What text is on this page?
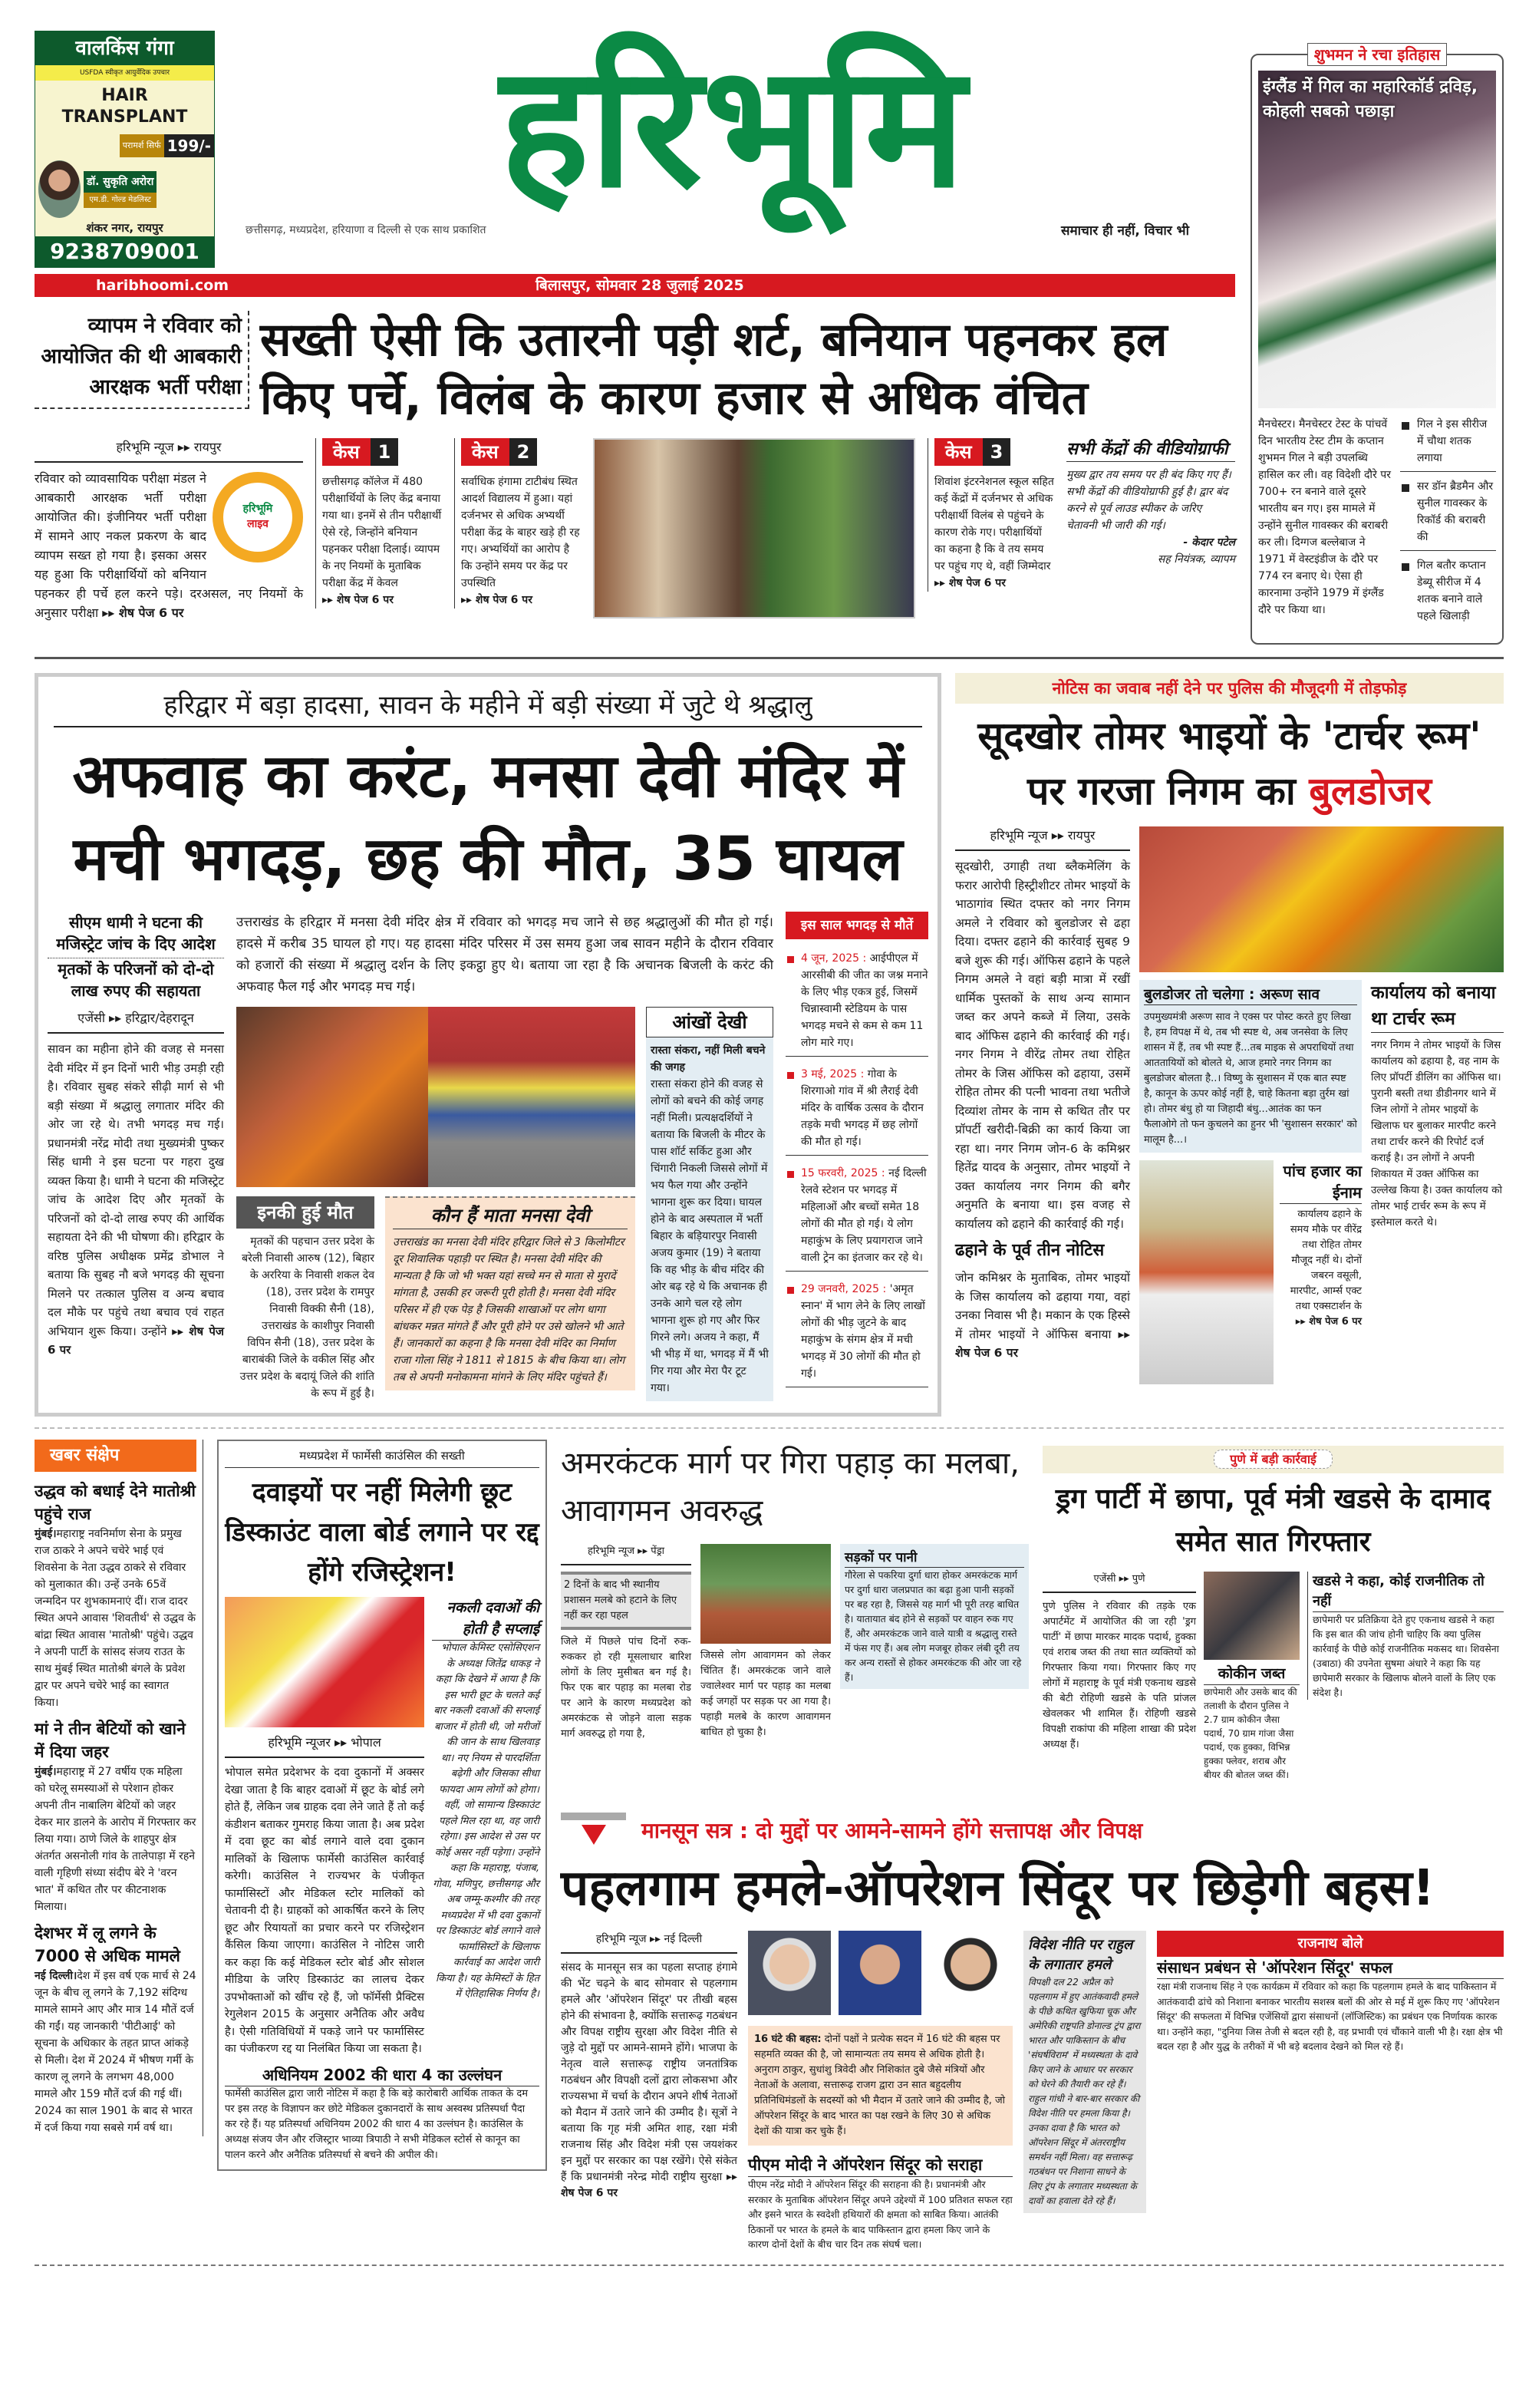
वालकिंस गंगा
USFDA स्वीकृत आयुर्वेदिक उपचार
HAIR TRANSPLANT
परामर्श सिर्फ 199/-
डॉ. सुकृति अरोरा
एम.डी. गोल्ड मेडलिस्ट
शंकर नगर, रायपुर
9238709001
हरिभूमि
छत्तीसगढ़, मध्यप्रदेश, हरियाणा व दिल्ली से एक साथ प्रकाशित	समाचार ही नहीं, विचार भी
haribhoomi.com	बिलासपुर, सोमवार 28 जुलाई 2025
व्यापम ने रविवार को आयोजित की थी आबकारी आरक्षक भर्ती परीक्षा
सख्ती ऐसी कि उतारनी पड़ी शर्ट, बनियान पहनकर हल किए पर्चे, विलंब के कारण हजार से अधिक वंचित
हरिभूमि न्यूज ▸▸ रायपुर
हरिभूमि
लाइव
रविवार को व्यावसायिक परीक्षा मंडल ने आबकारी आरक्षक भर्ती परीक्षा आयोजित की। इंजीनियर भर्ती परीक्षा में सामने आए नकल प्रकरण के बाद व्यापम सख्त हो गया है। इसका असर यह हुआ कि परीक्षार्थियों को बनियान पहनकर ही पर्चे हल करने पड़े। दरअसल, नए नियमों के अनुसार परीक्षा ▸▸ शेष पेज 6 पर
केस	1
छत्तीसगढ़ कॉलेज में 480 परीक्षार्थियों के लिए केंद्र बनाया गया था। इनमें से तीन परीक्षार्थी ऐसे रहे, जिन्होंने बनियान पहनकर परीक्षा दिलाई। व्यापम के नए नियमों के मुताबिक परीक्षा केंद्र में केवल
▸▸ शेष पेज 6 पर
केस	2
सर्वाधिक हंगामा टाटीबंध स्थित आदर्श विद्यालय में हुआ। यहां दर्जनभर से अधिक अभ्यर्थी परीक्षा केंद्र के बाहर खड़े ही रह गए। अभ्यर्थियों का आरोप है कि उन्होंने समय पर केंद्र पर उपस्थिति
▸▸ शेष पेज 6 पर
केस	3
शिवांश इंटरनेशनल स्कूल सहित कई केंद्रों में दर्जनभर से अधिक परीक्षार्थी विलंब से पहुंचने के कारण रोके गए। परीक्षार्थियों का कहना है कि वे तय समय पर पहुंच गए थे, वहीं जिम्मेदार
▸▸ शेष पेज 6 पर
सभी केंद्रों की वीडियोग्राफी
मुख्य द्वार तय समय पर ही बंद किए गए हैं। सभी केंद्रों की वीडियोग्राफी हुई है। द्वार बंद करने से पूर्व लाउड स्पीकर के जरिए चेतावनी भी जारी की गई।
- केदार पटेल
सह नियंत्रक, व्यापम
शुभमन ने रचा इतिहास
इंग्लैंड में गिल का महारिकॉर्ड द्रविड़, कोहली सबको पछाड़ा
मैनचेस्टर। मैनचेस्टर टेस्ट के पांचवें दिन भारतीय टेस्ट टीम के कप्तान शुभमन गिल ने बड़ी उपलब्धि हासिल कर ली। वह विदेशी दौरे पर 700+ रन बनाने वाले दूसरे भारतीय बन गए। इस मामले में उन्होंने सुनील गावस्कर की बराबरी कर ली। दिग्गज बल्लेबाज ने 1971 में वेस्टइंडीज के दौरे पर 774 रन बनाए थे। ऐसा ही कारनामा उन्होंने 1979 में इंग्लैंड दौरे पर किया था।
गिल ने इस सीरीज में चौथा शतक लगाया
सर डॉन ब्रैडमैन और सुनील गावस्कर के रिकॉर्ड की बराबरी की
गिल बतौर कप्तान डेब्यू सीरीज में 4 शतक बनाने वाले पहले खिलाड़ी
हरिद्वार में बड़ा हादसा, सावन के महीने में बड़ी संख्या में जुटे थे श्रद्धालु
अफवाह का करंट, मनसा देवी मंदिर में
मची भगदड़, छह की मौत, 35 घायल
सीएम धामी ने घटना की मजिस्ट्रेट जांच के दिए आदेश
मृतकों के परिजनों को दो-दो लाख रुपए की सहायता
एजेंसी ▸▸ हरिद्वार/देहरादून
सावन का महीना होने की वजह से मनसा देवी मंदिर में इन दिनों भारी भीड़ उमड़ी रही है। रविवार सुबह संकरे सीढ़ी मार्ग से भी बड़ी संख्या में श्रद्धालु लगातार मंदिर की ओर जा रहे थे। तभी भगदड़ मच गई। प्रधानमंत्री नरेंद्र मोदी तथा मुख्यमंत्री पुष्कर सिंह धामी ने इस घटना पर गहरा दुख व्यक्त किया है। धामी ने घटना की मजिस्ट्रेट जांच के आदेश दिए और मृतकों के परिजनों को दो-दो लाख रुपए की आर्थिक सहायता देने की भी घोषणा की। हरिद्वार के वरिष्ठ पुलिस अधीक्षक प्रमेंद्र डोभाल ने बताया कि सुबह नौ बजे भगदड़ की सूचना मिलने पर तत्काल पुलिस व अन्य बचाव दल मौके पर पहुंचे तथा बचाव एवं राहत अभियान शुरू किया। उन्होंने ▸▸ शेष पेज 6 पर
उत्तराखंड के हरिद्वार में मनसा देवी मंदिर क्षेत्र में रविवार को भगदड़ मच जाने से छह श्रद्धालुओं की मौत हो गई। हादसे में करीब 35 घायल हो गए। यह हादसा मंदिर परिसर में उस समय हुआ जब सावन महीने के दौरान रविवार को हजारों की संख्या में श्रद्धालु दर्शन के लिए इकट्ठा हुए थे। बताया जा रहा है कि अचानक बिजली के करंट की अफवाह फैल गई और भगदड़ मच गई।
इनकी हुई मौत
मृतकों की पहचान उत्तर प्रदेश के बरेली निवासी आरुष (12), बिहार के अररिया के निवासी शकल देव (18), उत्तर प्रदेश के रामपुर निवासी विक्की सैनी (18), उत्तराखंड के काशीपुर निवासी विपिन सैनी (18), उत्तर प्रदेश के बाराबंकी जिले के वकील सिंह और उत्तर प्रदेश के बदायूं जिले की शांति के रूप में हुई है।
कौन हैं माता मनसा देवी
उत्तराखंड का मनसा देवी मंदिर हरिद्वार जिले से 3 किलोमीटर दूर शिवालिक पहाड़ी पर स्थित है। मनसा देवी मंदिर की मान्यता है कि जो भी भक्त यहां सच्चे मन से माता से मुरादें मांगता है, उसकी हर जरूरी पूरी होती है। मनसा देवी मंदिर परिसर में ही एक पेड़ है जिसकी शाखाओं पर लोग धागा बांधकर मन्नत मांगते हैं और पूरी होने पर उसे खोलने भी आते हैं। जानकारों का कहना है कि मनसा देवी मंदिर का निर्माण राजा गोला सिंह ने 1811 से 1815 के बीच किया था। लोग तब से अपनी मनोकामना मांगने के लिए मंदिर पहुंचते हैं।
आंखों देखी
रास्ता संकरा, नहीं मिली बचने की जगह
रास्ता संकरा होने की वजह से लोगों को बचने की कोई जगह नहीं मिली। प्रत्यक्षदर्शियों ने बताया कि बिजली के मीटर के पास शॉर्ट सर्किट हुआ और चिंगारी निकली जिससे लोगों में भय फैल गया और उन्होंने भागना शुरू कर दिया। घायल होने के बाद अस्पताल में भर्ती बिहार के बड़ियारपुर निवासी अजय कुमार (19) ने बताया कि वह भीड़ के बीच मंदिर की ओर बढ़ रहे थे कि अचानक ही उनके आगे चल रहे लोग भागना शुरू हो गए और फिर गिरने लगे। अजय ने कहा, मैं भी भीड़ में था, भगदड़ में मैं भी गिर गया और मेरा पैर टूट गया।
इस साल भगदड़ से मौतें
4 जून, 2025 : आईपीएल में आरसीबी की जीत का जश्न मनाने के लिए भीड़ एकत्र हुई, जिसमें चिन्नास्वामी स्टेडियम के पास भगदड़ मचने से कम से कम 11 लोग मारे गए।
3 मई, 2025 : गोवा के शिरगाओ गांव में श्री लैराई देवी मंदिर के वार्षिक उत्सव के दौरान तड़के मची भगदड़ में छह लोगों की मौत हो गई।
15 फरवरी, 2025 : नई दिल्ली रेलवे स्टेशन पर भगदड़ में महिलाओं और बच्चों समेत 18 लोगों की मौत हो गई। ये लोग महाकुंभ के लिए प्रयागराज जाने वाली ट्रेन का इंतजार कर रहे थे।
29 जनवरी, 2025 : 'अमृत स्नान' में भाग लेने के लिए लाखों लोगों की भीड़ जुटने के बाद महाकुंभ के संगम क्षेत्र में मची भगदड़ में 30 लोगों की मौत हो गई।
नोटिस का जवाब नहीं देने पर पुलिस की मौजूदगी में तोड़फोड़
सूदखोर तोमर भाइयों के 'टार्चर रूम' पर गरजा निगम का बुलडोजर
हरिभूमि न्यूज ▸▸ रायपुर
सूदखोरी, उगाही तथा ब्लैकमेलिंग के फरार आरोपी हिस्ट्रीशीटर तोमर भाइयों के भाठागांव स्थित दफ्तर को नगर निगम अमले ने रविवार को बुलडोजर से ढहा दिया। दफ्तर ढहाने की कार्रवाई सुबह 9 बजे शुरू की गई। ऑफिस ढहाने के पहले निगम अमले ने वहां बड़ी मात्रा में रखीं धार्मिक पुस्तकों के साथ अन्य सामान जब्त कर अपने कब्जे में लिया, उसके बाद ऑफिस ढहाने की कार्रवाई की गई। नगर निगम ने वीरेंद्र तोमर तथा रोहित तोमर के जिस ऑफिस को ढहाया, उसमें रोहित तोमर की पत्नी भावना तथा भतीजे दिव्यांश तोमर के नाम से कथित तौर पर प्रॉपर्टी खरीदी-बिक्री का कार्य किया जा रहा था। नगर निगम जोन-6 के कमिश्नर हितेंद्र यादव के अनुसार, तोमर भाइयों ने उक्त कार्यालय नगर निगम की बगैर अनुमति के बनाया था। इस वजह से कार्यालय को ढहाने की कार्रवाई की गई।
ढहाने के पूर्व तीन नोटिस
जोन कमिश्नर के मुताबिक, तोमर भाइयों के जिस कार्यालय को ढहाया गया, वहां उनका निवास भी है। मकान के एक हिस्से में तोमर भाइयों ने ऑफिस बनाया ▸▸ शेष पेज 6 पर
बुलडोजर तो चलेगा : अरूण साव
उपमुख्यमंत्री अरूण साव ने एक्स पर पोस्ट करते हुए लिखा है, हम विपक्ष में थे, तब भी स्पष्ट थे, अब जनसेवा के लिए शासन में हैं, तब भी स्पष्ट हैं...तब माइक से अपराधियों तथा आततायियों को बोलते थे, आज हमारे नगर निगम का बुलडोजर बोलता है..। विष्णु के सुशासन में एक बात स्पष्ट है, कानून के ऊपर कोई नहीं है, चाहे कितना बड़ा तुर्रम खां हो। तोमर बंधु हो या जिहादी बंधु...आतंक का फन फैलाओगे तो फन कुचलने का हुनर भी 'सुशासन सरकार' को मालूम है...।
पांच हजार का ईनाम
कार्यालय ढहाने के समय मौके पर वीरेंद्र तथा रोहित तोमर मौजूद नहीं थे। दोनों जबरन वसूली, मारपीट, आर्म्स एक्ट तथा एक्सटार्शन के
▸▸ शेष पेज 6 पर
कार्यालय को बनाया था टार्चर रूम
नगर निगम ने तोमर भाइयों के जिस कार्यालय को ढहाया है, वह नाम के लिए प्रॉपर्टी डीलिंग का ऑफिस था। पुरानी बस्ती तथा डीडीनगर थाने में जिन लोगों ने तोमर भाइयों के खिलाफ घर बुलाकर मारपीट करने तथा टार्चर करने की रिपोर्ट दर्ज कराई है। उन लोगों ने अपनी शिकायत में उक्त ऑफिस का उल्लेख किया है। उक्त कार्यालय को तोमर भाई टार्चर रूम के रूप में इस्तेमाल करते थे।
खबर संक्षेप
उद्धव को बधाई देने मातोश्री पहुंचे राज
मुंबई।महाराष्ट्र नवनिर्माण सेना के प्रमुख राज ठाकरे ने अपने चचेरे भाई एवं शिवसेना के नेता उद्धव ठाकरे से रविवार को मुलाकात की। उन्हें उनके 65वें जन्मदिन पर शुभकामनाएं दीं। राज दादर स्थित अपने आवास 'शिवतीर्थ' से उद्धव के बांद्रा स्थित आवास 'मातोश्री' पहुंचे। उद्धव ने अपनी पार्टी के सांसद संजय राउत के साथ मुंबई स्थित मातोश्री बंगले के प्रवेश द्वार पर अपने चचेरे भाई का स्वागत किया।
मां ने तीन बेटियों को खाने में दिया जहर
मुंबई।महाराष्ट्र में 27 वर्षीय एक महिला को घरेलू समस्याओं से परेशान होकर अपनी तीन नाबालिग बेटियों को जहर देकर मार डालने के आरोप में गिरफ्तार कर लिया गया। ठाणे जिले के शाहपुर क्षेत्र अंतर्गत असनोली गांव के तालेपाड़ा में रहने वाली गृहिणी संध्या संदीप बेरे ने 'वरन भात' में कथित तौर पर कीटनाशक मिलाया।
देशभर में लू लगने के 7000 से अधिक मामले
नई दिल्ली।देश में इस वर्ष एक मार्च से 24 जून के बीच लू लगने के 7,192 संदिग्ध मामले सामने आए और मात्र 14 मौतें दर्ज की गईं। यह जानकारी 'पीटीआई' को सूचना के अधिकार के तहत प्राप्त आंकड़े से मिली। देश में 2024 में भीषण गर्मी के कारण लू लगने के लगभग 48,000 मामले और 159 मौतें दर्ज की गई थीं। 2024 का साल 1901 के बाद से भारत में दर्ज किया गया सबसे गर्म वर्ष था।
मध्यप्रदेश में फार्मेसी काउंसिल की सख्ती
दवाइयों पर नहीं मिलेगी छूट डिस्काउंट वाला बोर्ड लगाने पर रद्द होंगे रजिस्ट्रेशन!
हरिभूमि न्यूजर ▸▸ भोपाल
भोपाल समेत प्रदेशभर के दवा दुकानों में अक्सर देखा जाता है कि बाहर दवाओं में छूट के बोर्ड लगे होते हैं, लेकिन जब ग्राहक दवा लेने जाते हैं तो कई कंडीशन बताकर गुमराह किया जाता है। अब प्रदेश में दवा छूट का बोर्ड लगाने वाले दवा दुकान मालिकों के खिलाफ फार्मेसी काउंसिल कार्रवाई करेगी। काउंसिल ने राज्यभर के पंजीकृत फार्मासिस्टों और मेडिकल स्टोर मालिकों को चेतावनी दी है। ग्राहकों को आकर्षित करने के लिए छूट और रियायतों का प्रचार करने पर रजिस्ट्रेशन कैंसिल किया जाएगा। काउंसिल ने नोटिस जारी कर कहा कि कई मेडिकल स्टोर बोर्ड और सोशल मीडिया के जरिए डिस्काउंट का लालच देकर उपभोक्ताओं को खींच रहे हैं, जो फॉर्मेसी प्रैक्टिस रेगुलेशन 2015 के अनुसार अनैतिक और अवैध है। ऐसी गतिविधियों में पकड़े जाने पर फार्मासिस्ट का पंजीकरण रद्द या निलंबित किया जा सकता है।
नकली दवाओं की होती है सप्लाई
भोपाल केमिस्ट एसोसिएशन के अध्यक्ष जितेंद्र धाकड़ ने कहा कि देखने में आया है कि इस भारी छूट के चलते कई बार नकली दवाओं की सप्लाई बाजार में होती थी, जो मरीजों की जान के साथ खिलवाड़ था। नए नियम से पारदर्शिता बढ़ेगी और जिसका सीधा फायदा आम लोगों को होगा। वहीं, जो सामान्य डिस्काउंट पहले मिल रहा था, वह जारी रहेगा। इस आदेश से उस पर कोई असर नहीं पड़ेगा। उन्होंने कहा कि महाराष्ट्र, पंजाब, गोवा, मणिपुर, छत्तीसगढ़ और अब जम्मू-कश्मीर की तरह मध्यप्रदेश में भी दवा दुकानों पर डिस्काउंट बोर्ड लगाने वाले फार्मासिस्टों के खिलाफ कार्रवाई का आदेश जारी किया है। यह केमिस्टों के हित में ऐतिहासिक निर्णय है।
अधिनियम 2002 की धारा 4 का उल्लंघन
फार्मेसी काउंसिल द्वारा जारी नोटिस में कहा है कि बड़े कारोबारी आर्थिक ताकत के दम पर इस तरह के विज्ञापन कर छोटे मेडिकल दुकानदारों के साथ अस्वस्थ प्रतिस्पर्धा पैदा कर रहे हैं। यह प्रतिस्पर्धा अधिनियम 2002 की धारा 4 का उल्लंघन है। काउंसिल के अध्यक्ष संजय जैन और रजिस्ट्रार भाव्या त्रिपाठी ने सभी मेडिकल स्टोर्स से कानून का पालन करने और अनैतिक प्रतिस्पर्धा से बचने की अपील की।
अमरकंटक मार्ग पर गिरा पहाड़ का मलबा, आवागमन अवरुद्ध
हरिभूमि न्यूज ▸▸ पेंड्रा
2 दिनों के बाद भी स्थानीय प्रशासन मलबे को हटाने के लिए नहीं कर रहा पहल
जिले में पिछले पांच दिनों रुक-रुककर हो रही मूसलाधार बारिश लोगों के लिए मुसीबत बन गई है। फिर एक बार पहाड़ का मलबा रोड पर आने के कारण मध्यप्रदेश को अमरकंटक से जोड़ने वाला सड़क मार्ग अवरुद्ध हो गया है,
जिससे लोग आवागमन को लेकर चिंतित हैं। अमरकंटक जाने वाले ज्वालेश्वर मार्ग पर पहाड़ का मलबा कई जगहों पर सड़क पर आ गया है। पहाड़ी मलबे के कारण आवागमन बाधित हो चुका है।
सड़कों पर पानी
गौरेला से पकरिया दुर्गा धारा होकर अमरकंटक मार्ग पर दुर्गा धारा जलप्रपात का बढ़ा हुआ पानी सड़कों पर बह रहा है, जिससे यह मार्ग भी पूरी तरह बाधित है। यातायात बंद होने से सड़कों पर वाहन रुक गए हैं, और अमरकंटक जाने वाले यात्री व श्रद्धालु रास्ते में फंस गए हैं। अब लोग मजबूर होकर लंबी दूरी तय कर अन्य रास्तों से होकर अमरकंटक की ओर जा रहे हैं।
पुणे में बड़ी कार्रवाई
ड्रग पार्टी में छापा, पूर्व मंत्री खडसे के दामाद समेत सात गिरफ्तार
एजेंसी ▸▸ पुणे
पुणे पुलिस ने रविवार की तड़के एक अपार्टमेंट में आयोजित की जा रही 'ड्रग पार्टी' में छापा मारकर मादक पदार्थ, हुक्का एवं शराब जब्त की तथा सात व्यक्तियों को गिरफ्तार किया गया। गिरफ्तार किए गए लोगों में महाराष्ट्र के पूर्व मंत्री एकनाथ खडसे की बेटी रोहिणी खडसे के पति प्रांजल खेवलकर भी शामिल हैं। रोहिणी खडसे विपक्षी राकांपा की महिला शाखा की प्रदेश अध्यक्ष हैं।
कोकीन जब्त
छापेमारी और उसके बाद की तलाशी के दौरान पुलिस ने 2.7 ग्राम कोकीन जैसा पदार्थ, 70 ग्राम गांजा जैसा पदार्थ, एक हुक्का, विभिन्न हुक्का फ्लेवर, शराब और बीयर की बोतल जब्त कीं।
खडसे ने कहा, कोई राजनीतिक तो नहीं
छापेमारी पर प्रतिक्रिया देते हुए एकनाथ खडसे ने कहा कि इस बात की जांच होनी चाहिए कि क्या पुलिस कार्रवाई के पीछे कोई राजनीतिक मकसद था। शिवसेना (उबाठा) की उपनेता सुषमा अंधारे ने कहा कि यह छापेमारी सरकार के खिलाफ बोलने वालों के लिए एक संदेश है।
मानसून सत्र : दो मुद्दों पर आमने-सामने होंगे सत्तापक्ष और विपक्ष
पहलगाम हमले-ऑपरेशन सिंदूर पर छिड़ेगी बहस!
हरिभूमि न्यूज ▸▸ नई दिल्ली
संसद के मानसून सत्र का पहला सप्ताह हंगामे की भेंट चढ़ने के बाद सोमवार से पहलगाम हमले और 'ऑपरेशन सिंदूर' पर तीखी बहस होने की संभावना है, क्योंकि सत्तारूढ़ गठबंधन और विपक्ष राष्ट्रीय सुरक्षा और विदेश नीति से जुड़े दो मुद्दों पर आमने-सामने होंगे। भाजपा के नेतृत्व वाले सत्तारूढ़ राष्ट्रीय जनतांत्रिक गठबंधन और विपक्षी दलों द्वारा लोकसभा और राज्यसभा में चर्चा के दौरान अपने शीर्ष नेताओं को मैदान में उतारे जाने की उम्मीद है। सूत्रों ने बताया कि गृह मंत्री अमित शाह, रक्षा मंत्री राजनाथ सिंह और विदेश मंत्री एस जयशंकर इन मुद्दों पर सरकार का पक्ष रखेंगे। ऐसे संकेत हैं कि प्रधानमंत्री नरेन्द्र मोदी राष्ट्रीय सुरक्षा ▸▸ शेष पेज 6 पर
16 घंटे की बहस: दोनों पक्षों ने प्रत्येक सदन में 16 घंटे की बहस पर सहमति व्यक्त की है, जो सामान्यतः तय समय से अधिक होती है। अनुराग ठाकुर, सुधांशु त्रिवेदी और निशिकांत दुबे जैसे मंत्रियों और नेताओं के अलावा, सत्तारूढ़ राजग द्वारा उन सात बहुदलीय प्रतिनिधिमंडलों के सदस्यों को भी मैदान में उतारे जाने की उम्मीद है, जो ऑपरेशन सिंदूर के बाद भारत का पक्ष रखने के लिए 30 से अधिक देशों की यात्रा कर चुके हैं।
पीएम मोदी ने ऑपरेशन सिंदूर को सराहा
पीएम नरेंद्र मोदी ने ऑपरेशन सिंदूर की सराहना की है। प्रधानमंत्री और सरकार के मुताबिक ऑपरेशन सिंदूर अपने उद्देश्यों में 100 प्रतिशत सफल रहा और इसने भारत के स्वदेशी हथियारों की क्षमता को साबित किया। आतंकी ठिकानों पर भारत के हमले के बाद पाकिस्तान द्वारा हमला किए जाने के कारण दोनों देशों के बीच चार दिन तक संघर्ष चला।
विदेश नीति पर राहुल के लगातार हमले
विपक्षी दल 22 अप्रैल को पहलगाम में हुए आतंकवादी हमले के पीछे कथित खुफिया चूक और अमेरिकी राष्ट्रपति डोनाल्ड ट्रंप द्वारा भारत और पाकिस्तान के बीच 'संघर्षविराम' में मध्यस्थता के दावे किए जाने के आधार पर सरकार को घेरने की तैयारी कर रहे हैं। राहुल गांधी ने बार-बार सरकार की विदेश नीति पर हमला किया है। उनका दावा है कि भारत को ऑपरेशन सिंदूर में अंतरराष्ट्रीय समर्थन नहीं मिला। वह सत्तारूढ़ गठबंधन पर निशाना साधने के लिए ट्रंप के लगातार मध्यस्थता के दावों का हवाला देते रहे हैं।
राजनाथ बोले
संसाधन प्रबंधन से 'ऑपरेशन सिंदूर' सफल
रक्षा मंत्री राजनाथ सिंह ने एक कार्यक्रम में रविवार को कहा कि पहलगाम हमले के बाद पाकिस्तान में आतंकवादी ढांचे को निशाना बनाकर भारतीय सशस्त्र बलों की ओर से मई में शुरू किए गए 'ऑपरेशन सिंदूर' की सफलता में विभिन्न एजेंसियों द्वारा संसाधनों (लॉजिस्टिक) का प्रबंधन एक निर्णायक कारक था। उन्होंने कहा, "दुनिया जिस तेजी से बदल रही है, वह प्रभावी एवं चौंकाने वाली भी है। रक्षा क्षेत्र भी बदल रहा है और युद्ध के तरीकों में भी बड़े बदलाव देखने को मिल रहे हैं।
